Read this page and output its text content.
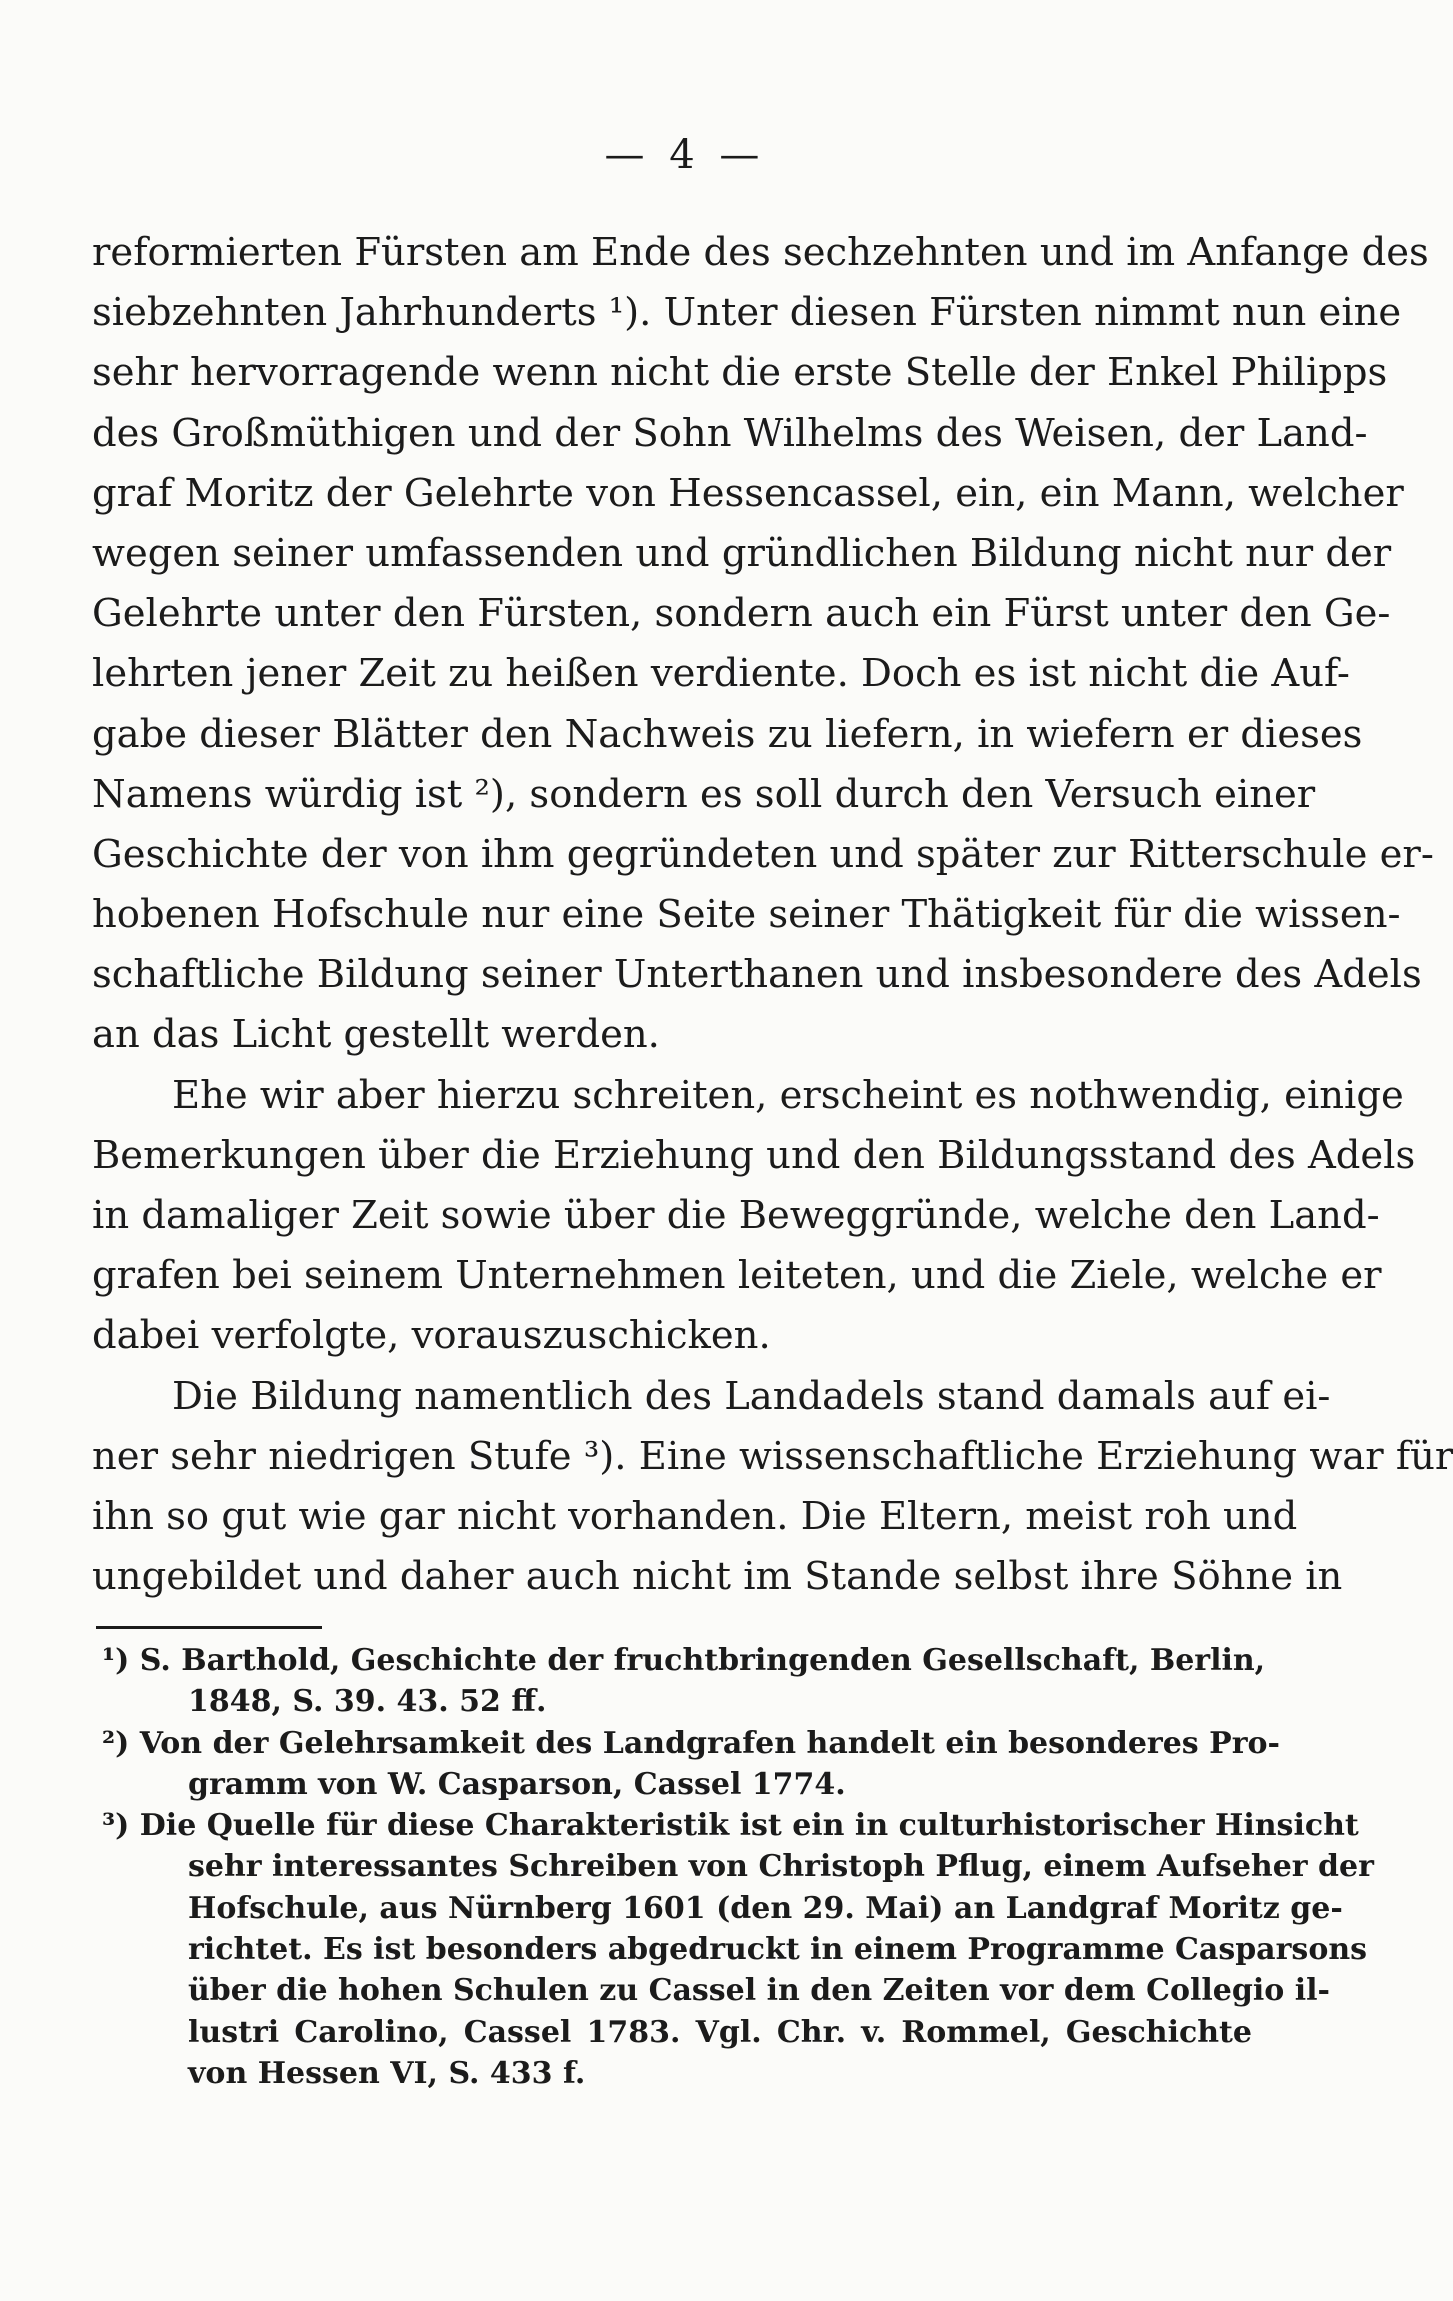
— 4 —
reformierten Fürsten am Ende des sechzehnten und im Anfange des
siebzehnten Jahrhunderts ¹). Unter diesen Fürsten nimmt nun eine
sehr hervorragende wenn nicht die erste Stelle der Enkel Philipps
des Großmüthigen und der Sohn Wilhelms des Weisen, der Land-
graf Moritz der Gelehrte von Hessencassel, ein, ein Mann, welcher
wegen seiner umfassenden und gründlichen Bildung nicht nur der
Gelehrte unter den Fürsten, sondern auch ein Fürst unter den Ge-
lehrten jener Zeit zu heißen verdiente. Doch es ist nicht die Auf-
gabe dieser Blätter den Nachweis zu liefern, in wiefern er dieses
Namens würdig ist ²), sondern es soll durch den Versuch einer
Geschichte der von ihm gegründeten und später zur Ritterschule er-
hobenen Hofschule nur eine Seite seiner Thätigkeit für die wissen-
schaftliche Bildung seiner Unterthanen und insbesondere des Adels
an das Licht gestellt werden.
Ehe wir aber hierzu schreiten, erscheint es nothwendig, einige
Bemerkungen über die Erziehung und den Bildungsstand des Adels
in damaliger Zeit sowie über die Beweggründe, welche den Land-
grafen bei seinem Unternehmen leiteten, und die Ziele, welche er
dabei verfolgte, vorauszuschicken.
Die Bildung namentlich des Landadels stand damals auf ei-
ner sehr niedrigen Stufe ³). Eine wissenschaftliche Erziehung war für
ihn so gut wie gar nicht vorhanden. Die Eltern, meist roh und
ungebildet und daher auch nicht im Stande selbst ihre Söhne in
¹) S. Barthold, Geschichte der fruchtbringenden Gesellschaft, Berlin,
1848, S. 39. 43. 52 ff.
²) Von der Gelehrsamkeit des Landgrafen handelt ein besonderes Pro-
gramm von W. Casparson, Cassel 1774.
³) Die Quelle für diese Charakteristik ist ein in culturhistorischer Hinsicht
sehr interessantes Schreiben von Christoph Pflug, einem Aufseher der
Hofschule, aus Nürnberg 1601 (den 29. Mai) an Landgraf Moritz ge-
richtet. Es ist besonders abgedruckt in einem Programme Casparsons
über die hohen Schulen zu Cassel in den Zeiten vor dem Collegio il-
lustri Carolino, Cassel 1783. Vgl. Chr. v. Rommel, Geschichte
von Hessen VI, S. 433 f.
